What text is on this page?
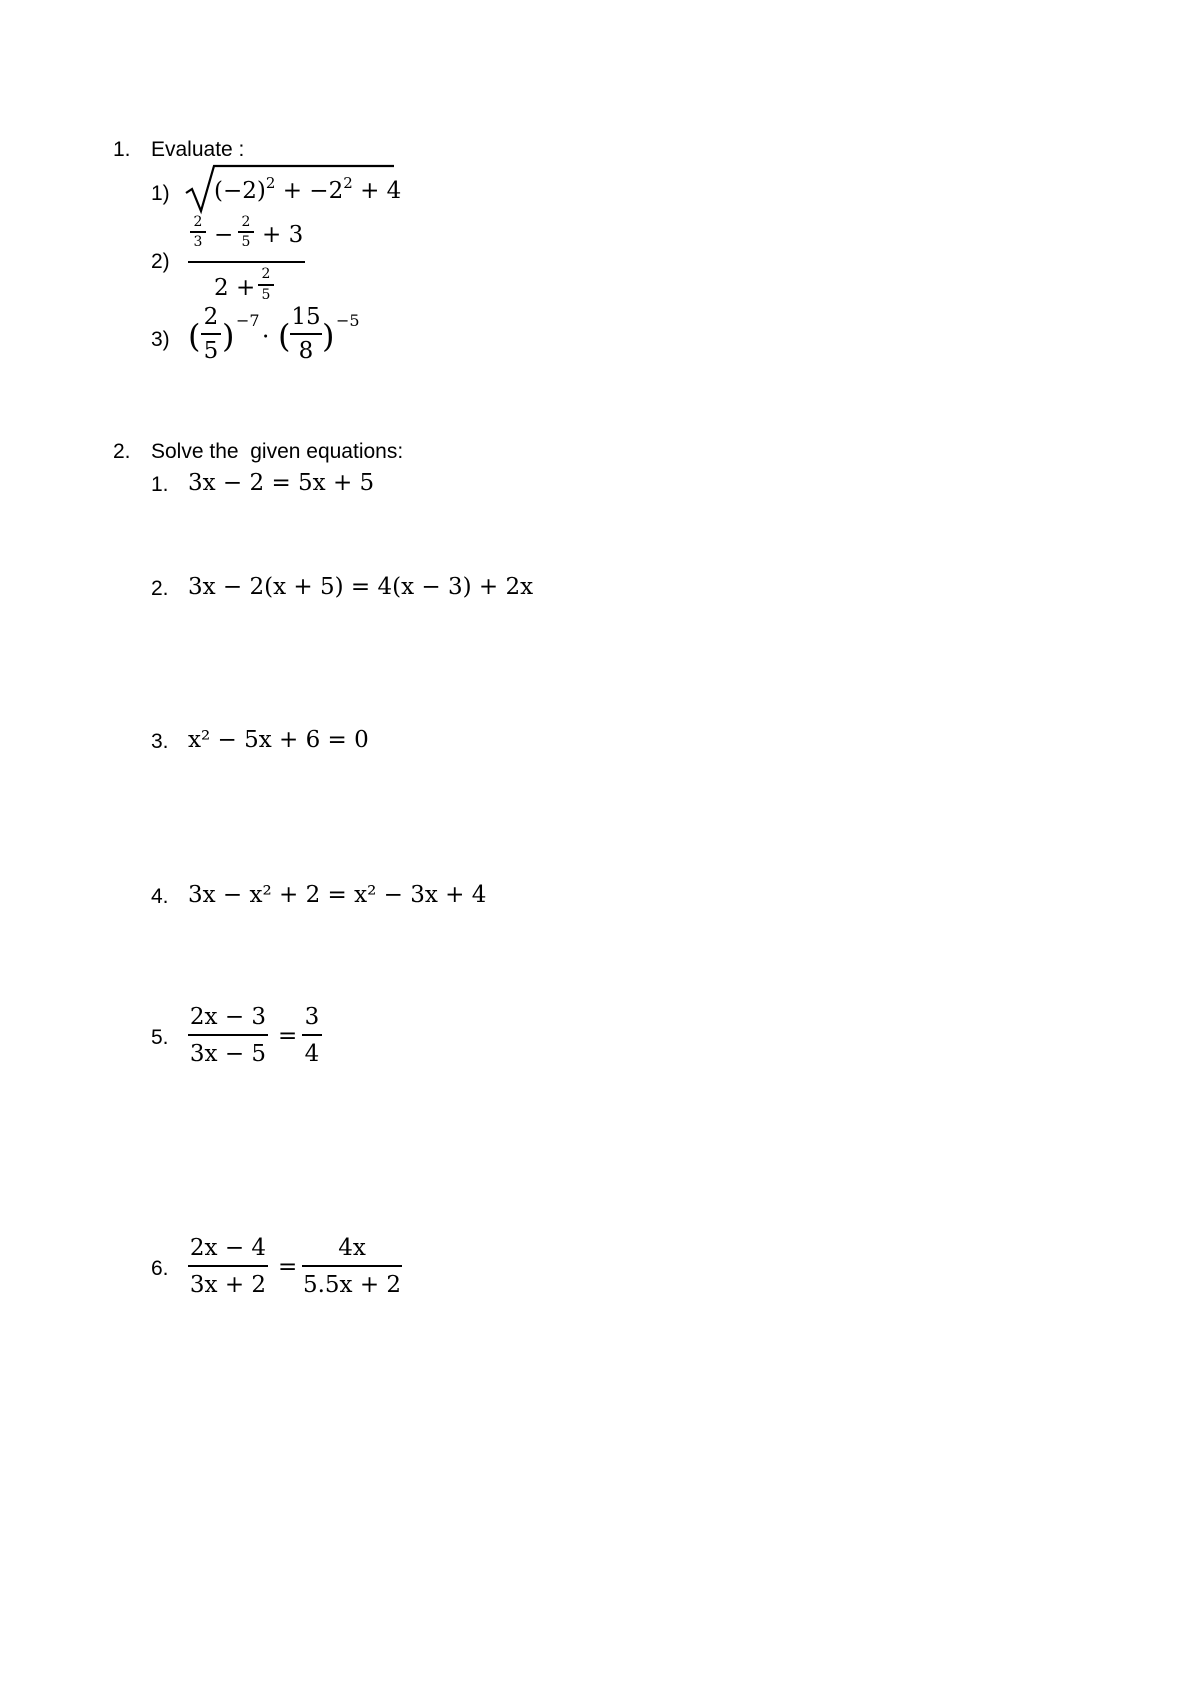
1. Evaluate :
1) $(-2)^2 + -2^2 + 4$
2)
2
3 − 2
5 + 3
2 +
2
5
3) ( 2
5 ) −7
· ( 15
8 ) −5
2. Solve the  given equations:
1. 3x − 2 = 5x + 5
2. 3x − 2(x + 5) = 4(x − 3) + 2x
3. x² − 5x + 6 = 0
4. 3x − x² + 2 = x² − 3x + 4
5.
2x − 3
3x − 5
=
3
4
6.
2x − 4
3x + 2
=
4x
5.5x + 2
